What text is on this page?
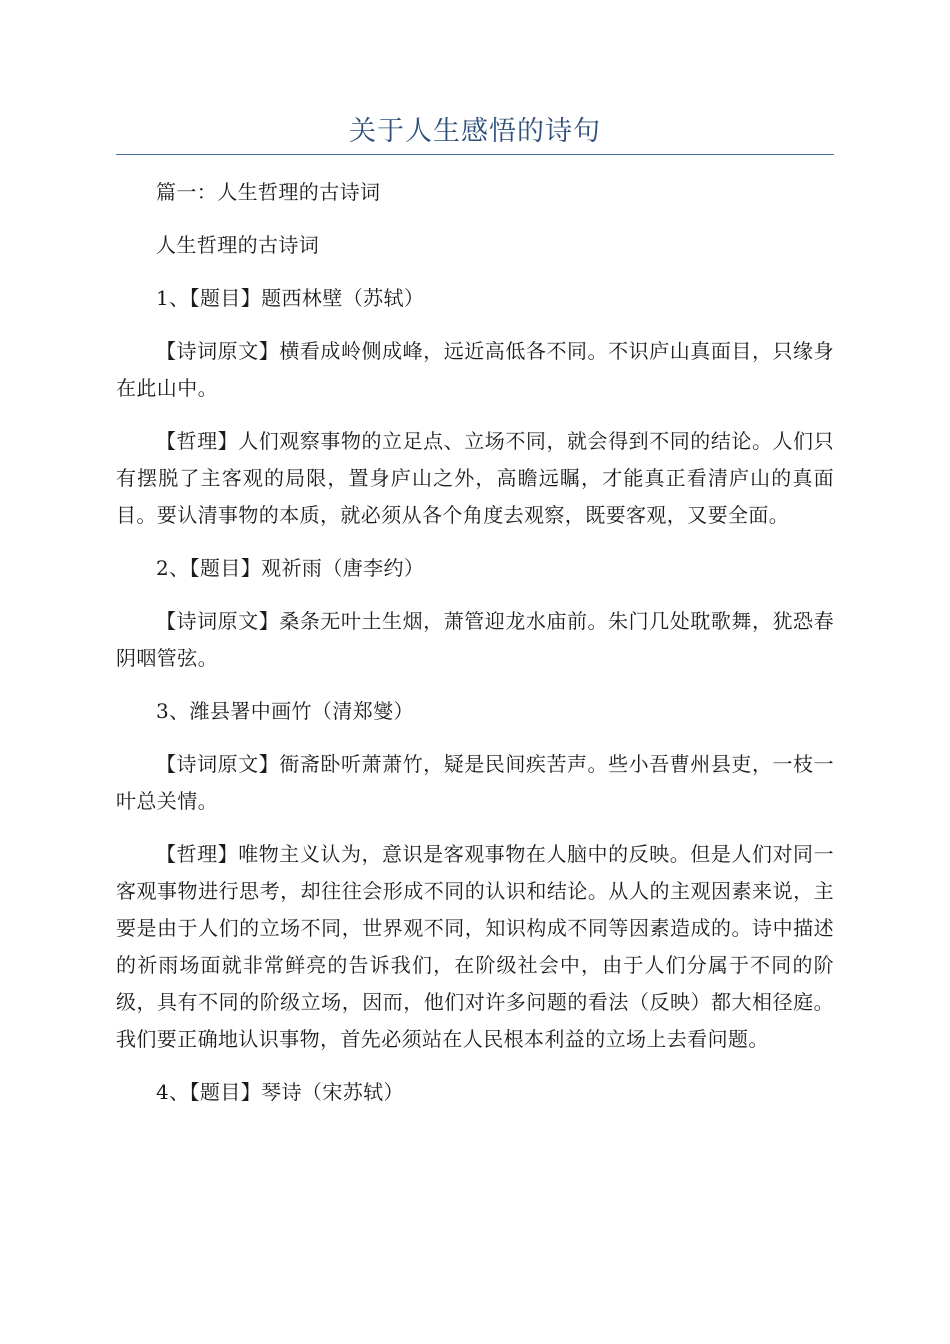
关于人生感悟的诗句

篇一：人生哲理的古诗词

人生哲理的古诗词

1、【题目】题西林壁（苏轼）

【诗词原文】横看成岭侧成峰，远近高低各不同。不识庐山真面目，只缘身在此山中。

【哲理】人们观察事物的立足点、立场不同，就会得到不同的结论。人们只有摆脱了主客观的局限，置身庐山之外，高瞻远瞩，才能真正看清庐山的真面目。要认清事物的本质，就必须从各个角度去观察，既要客观，又要全面。

2、【题目】观祈雨（唐李约）

【诗词原文】桑条无叶土生烟，萧管迎龙水庙前。朱门几处耽歌舞，犹恐春阴咽管弦。

3、潍县署中画竹（清郑燮）

【诗词原文】衙斋卧听萧萧竹，疑是民间疾苦声。些小吾曹州县吏，一枝一叶总关情。

【哲理】唯物主义认为，意识是客观事物在人脑中的反映。但是人们对同一客观事物进行思考，却往往会形成不同的认识和结论。从人的主观因素来说，主要是由于人们的立场不同，世界观不同，知识构成不同等因素造成的。诗中描述的祈雨场面就非常鲜亮的告诉我们，在阶级社会中，由于人们分属于不同的阶级，具有不同的阶级立场，因而，他们对许多问题的看法（反映）都大相径庭。我们要正确地认识事物，首先必须站在人民根本利益的立场上去看问题。

4、【题目】琴诗（宋苏轼）
